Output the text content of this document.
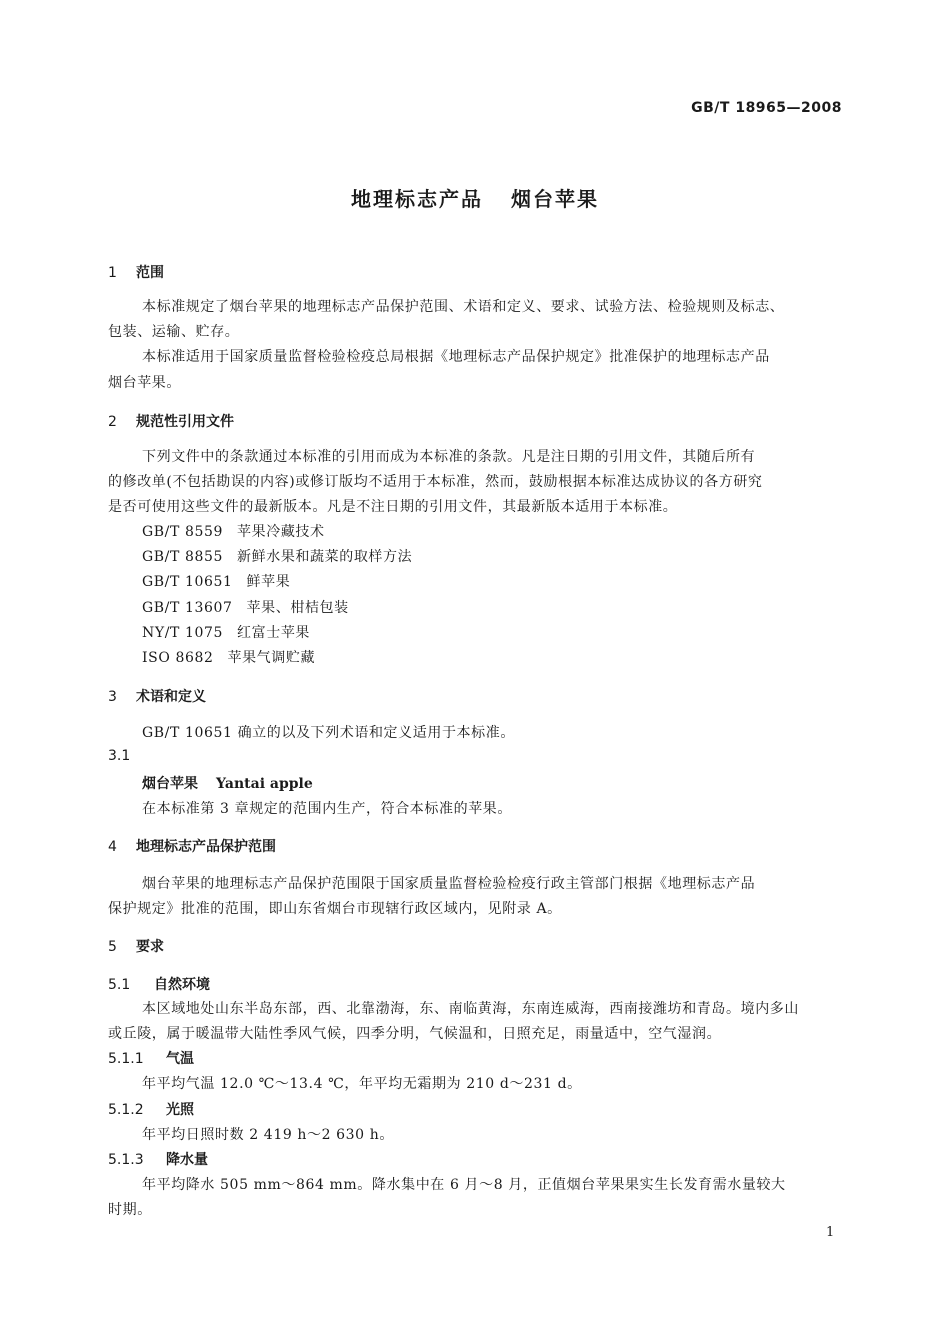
GB/T 18965—2008
地理标志产品 烟台苹果
1 范围
本标准规定了烟台苹果的地理标志产品保护范围、术语和定义、要求、试验方法、检验规则及标志、
包装、运输、贮存。
本标准适用于国家质量监督检验检疫总局根据《地理标志产品保护规定》批准保护的地理标志产品
烟台苹果。
2 规范性引用文件
下列文件中的条款通过本标准的引用而成为本标准的条款。凡是注日期的引用文件，其随后所有
的修改单(不包括勘误的内容)或修订版均不适用于本标准，然而，鼓励根据本标准达成协议的各方研究
是否可使用这些文件的最新版本。凡是不注日期的引用文件，其最新版本适用于本标准。
GB/T 8559 苹果冷藏技术
GB/T 8855 新鲜水果和蔬菜的取样方法
GB/T 10651 鲜苹果
GB/T 13607 苹果、柑桔包装
NY/T 1075 红富士苹果
ISO 8682 苹果气调贮藏
3 术语和定义
GB/T 10651 确立的以及下列术语和定义适用于本标准。
3.1
烟台苹果 Yantai apple
在本标准第 3 章规定的范围内生产，符合本标准的苹果。
4 地理标志产品保护范围
烟台苹果的地理标志产品保护范围限于国家质量监督检验检疫行政主管部门根据《地理标志产品
保护规定》批准的范围，即山东省烟台市现辖行政区域内，见附录 A。
5 要求
5.1 自然环境
本区域地处山东半岛东部，西、北靠渤海，东、南临黄海，东南连威海，西南接潍坊和青岛。境内多山
或丘陵，属于暖温带大陆性季风气候，四季分明，气候温和，日照充足，雨量适中，空气湿润。
5.1.1 气温
年平均气温 12.0 ℃～13.4 ℃，年平均无霜期为 210 d～231 d。
5.1.2 光照
年平均日照时数 2 419 h～2 630 h。
5.1.3 降水量
年平均降水 505 mm～864 mm。降水集中在 6 月～8 月，正值烟台苹果果实生长发育需水量较大
时期。
1
